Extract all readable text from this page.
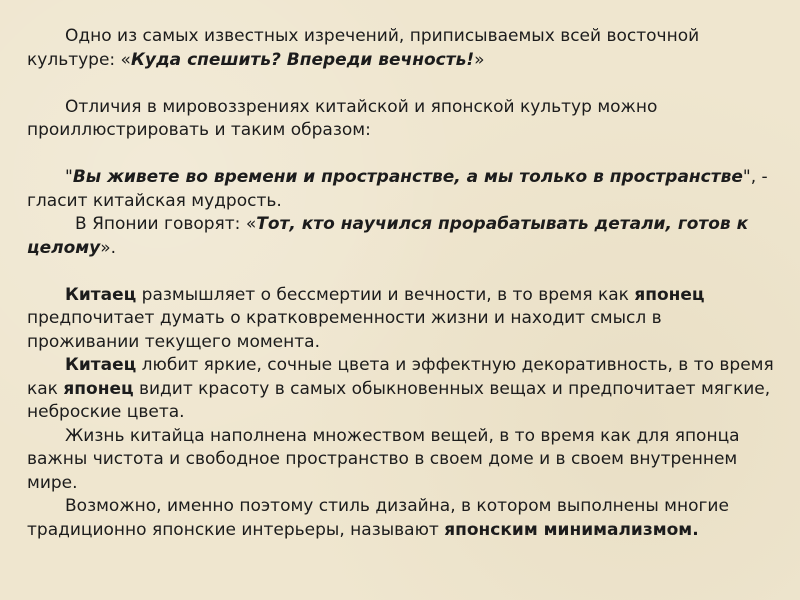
Одно из самых известных изречений, приписываемых всей восточной культуре: «Куда спешить? Впереди вечность!»

Отличия в мировоззрениях китайской и японской культур можно проиллюстрировать и таким образом:

"Вы живете во времени и пространстве, а мы только в пространстве", - гласит китайская мудрость.

В Японии говорят: «Тот, кто научился прорабатывать детали, готов к целому».

Китаец размышляет о бессмертии и вечности, в то время как японец предпочитает думать о кратковременности жизни и находит смысл в проживании текущего момента.

Китаец любит яркие, сочные цвета и эффектную декоративность, в то время как японец видит красоту в самых обыкновенных вещах и предпочитает мягкие, неброские цвета.

Жизнь китайца наполнена множеством вещей, в то время как для японца важны чистота и свободное пространство в своем доме и в своем внутреннем мире.

Возможно, именно поэтому стиль дизайна, в котором выполнены многие традиционно японские интерьеры, называют японским минимализмом.
